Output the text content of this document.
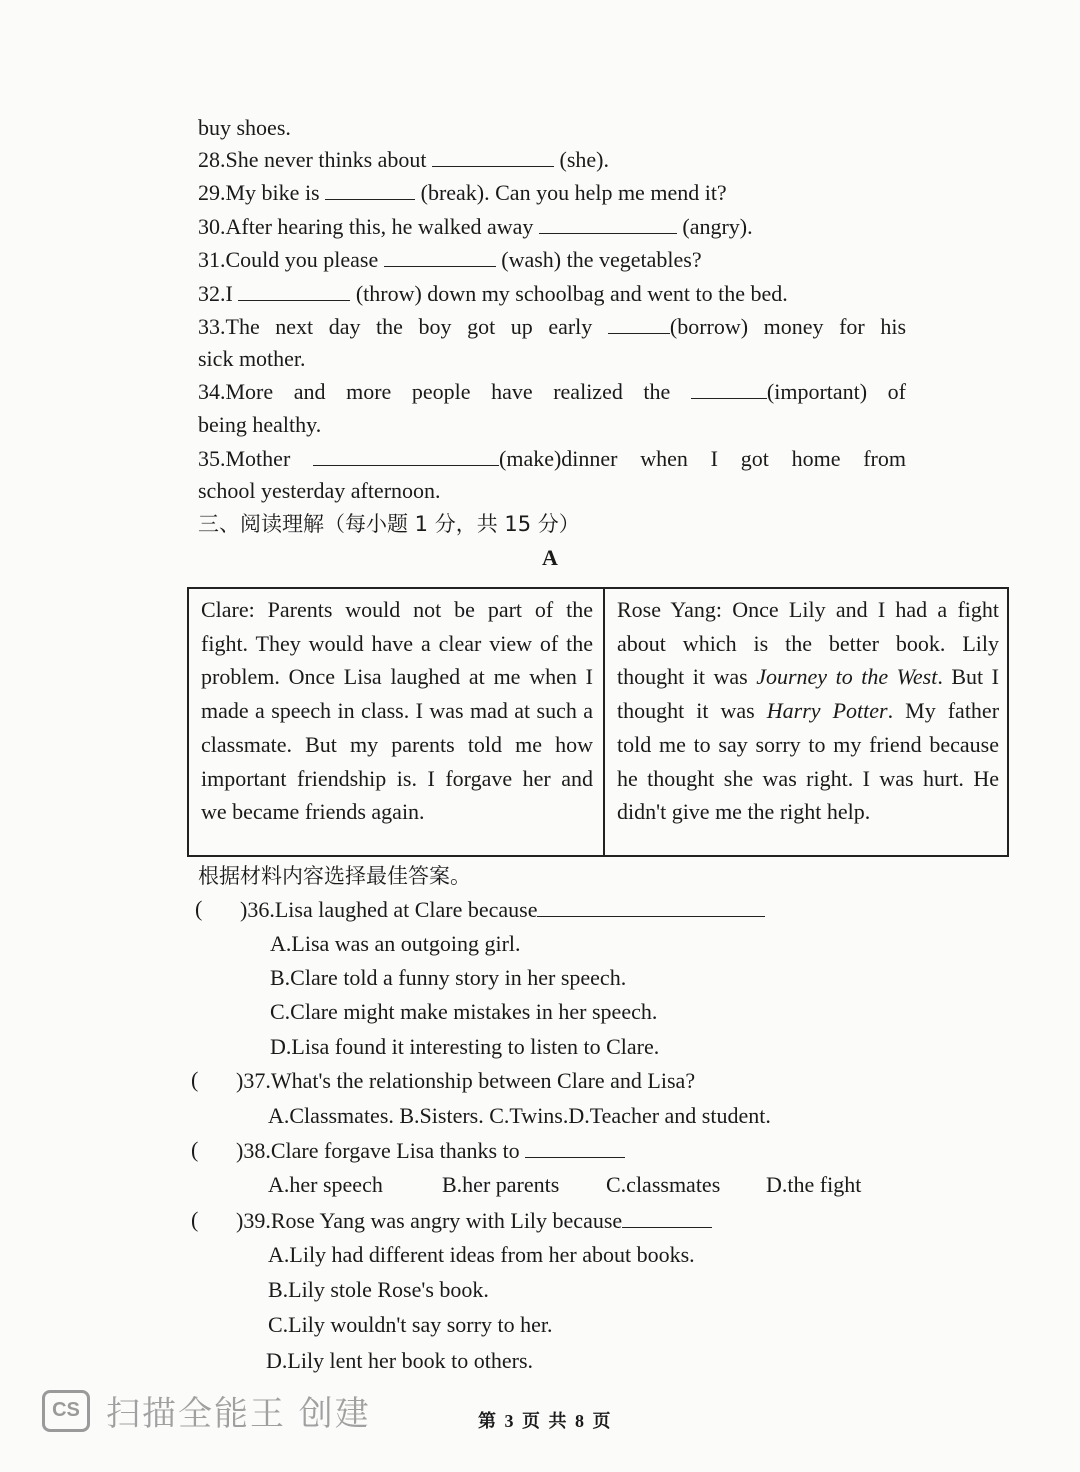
buy shoes.
28.She never thinks about	(she).
29.My bike is	(break). Can you help me mend it?
30.After hearing this, he walked away	(angry).
31.Could you please	(wash) the vegetables?
32.I	(throw) down my schoolbag and went to the bed.
33.The next day the boy got up early	(borrow) money for his
sick mother.
34.More and more people have realized the	(important) of
being healthy.
35.Mother	(make)dinner when I got home from
school yesterday afternoon.
三、阅读理解（每小题 1 分，共 15 分）
A
Clare: Parents would not be part of the fight. They would have a clear view of the problem. Once Lisa laughed at me when I made a speech in class. I was mad at such a classmate. But my parents told me how important friendship is. I forgave her and we became friends again.
Rose Yang: Once Lily and I had a fight about which is the better book. Lily thought it was Journey to the West. But I thought it was Harry Potter. My father told me to say sorry to my friend because he thought she was right. I was hurt. He didn't give me the right help.
根据材料内容选择最佳答案。
( )36.Lisa laughed at Clare because
A.Lisa was an outgoing girl.
B.Clare told a funny story in her speech.
C.Clare might make mistakes in her speech.
D.Lisa found it interesting to listen to Clare.
( )37.What's the relationship between Clare and Lisa?
A.Classmates. B.Sisters. C.Twins.D.Teacher and student.
( )38.Clare forgave Lisa thanks to
A.her speech	B.her parents C.classmates D.the fight
( )39.Rose Yang was angry with Lily because
A.Lily had different ideas from her about books.
B.Lily stole Rose's book.
C.Lily wouldn't say sorry to her.
D.Lily lent her book to others.
CS 扫描全能王 创建	第 3 页 共 8 页
